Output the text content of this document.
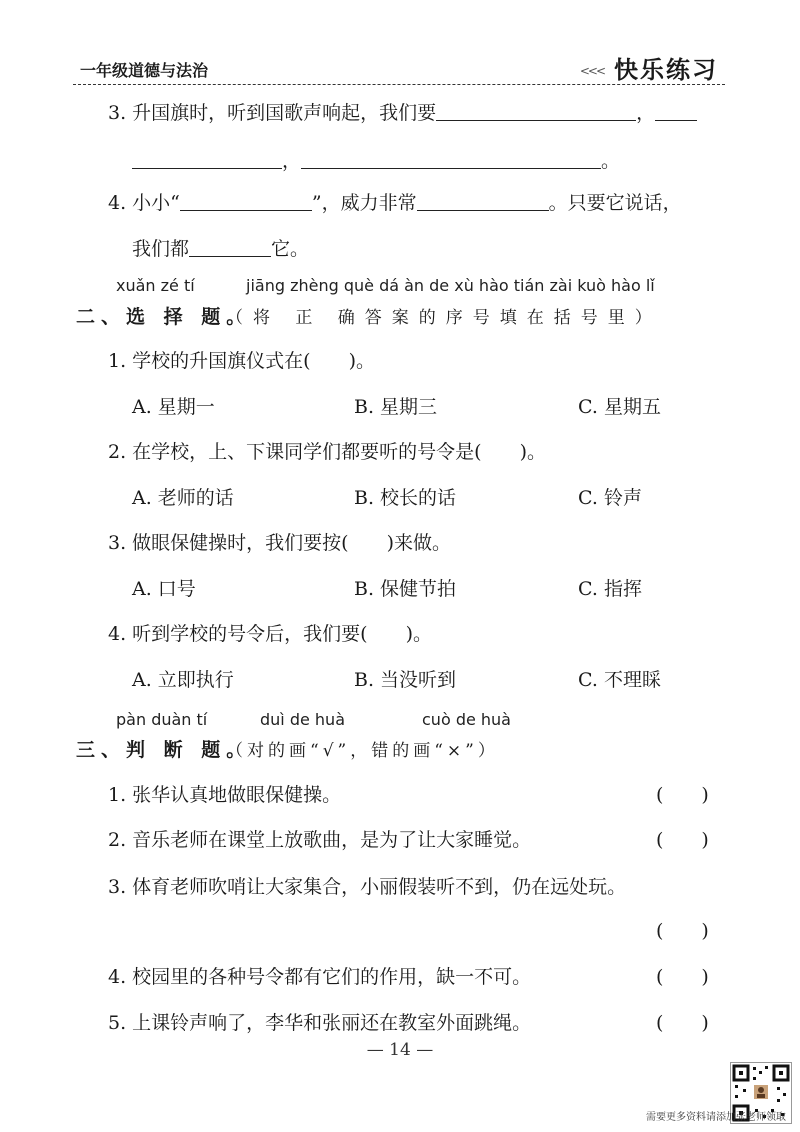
一年级道德与法治	<<< 快乐练习
3. 升国旗时，听到国歌声响起，我们要	，
，	。
4. 小小“	”，威力非常	。只要它说话，
我们都	它。
xuǎn zé tí	jiāng zhèng què dá àn de xù hào tián zài kuò hào lǐ
二、选 择 题。
（将 正 确答案的序号填在括号里）
1. 学校的升国旗仪式在(　　)。
A. 星期一	B. 星期三	C. 星期五
2. 在学校，上、下课同学们都要听的号令是(　　)。
A. 老师的话	B. 校长的话	C. 铃声
3. 做眼保健操时，我们要按(　　)来做。
A. 口号	B. 保健节拍	C. 指挥
4. 听到学校的号令后，我们要(　　)。
A. 立即执行	B. 当没听到	C. 不理睬
pàn duàn tí	duì de huà	cuò de huà
三、判 断 题。
（对的画“√”，错的画“×”）
1. 张华认真地做眼保健操。	(　　)
2. 音乐老师在课堂上放歌曲，是为了让大家睡觉。	(　　)
3. 体育老师吹哨让大家集合，小丽假装听不到，仍在远处玩。
(　　)
4. 校园里的各种号令都有它们的作用，缺一不可。	(　　)
5. 上课铃声响了，李华和张丽还在教室外面跳绳。	(　　)
— 14 —
需要更多资料请添加张老师领取
